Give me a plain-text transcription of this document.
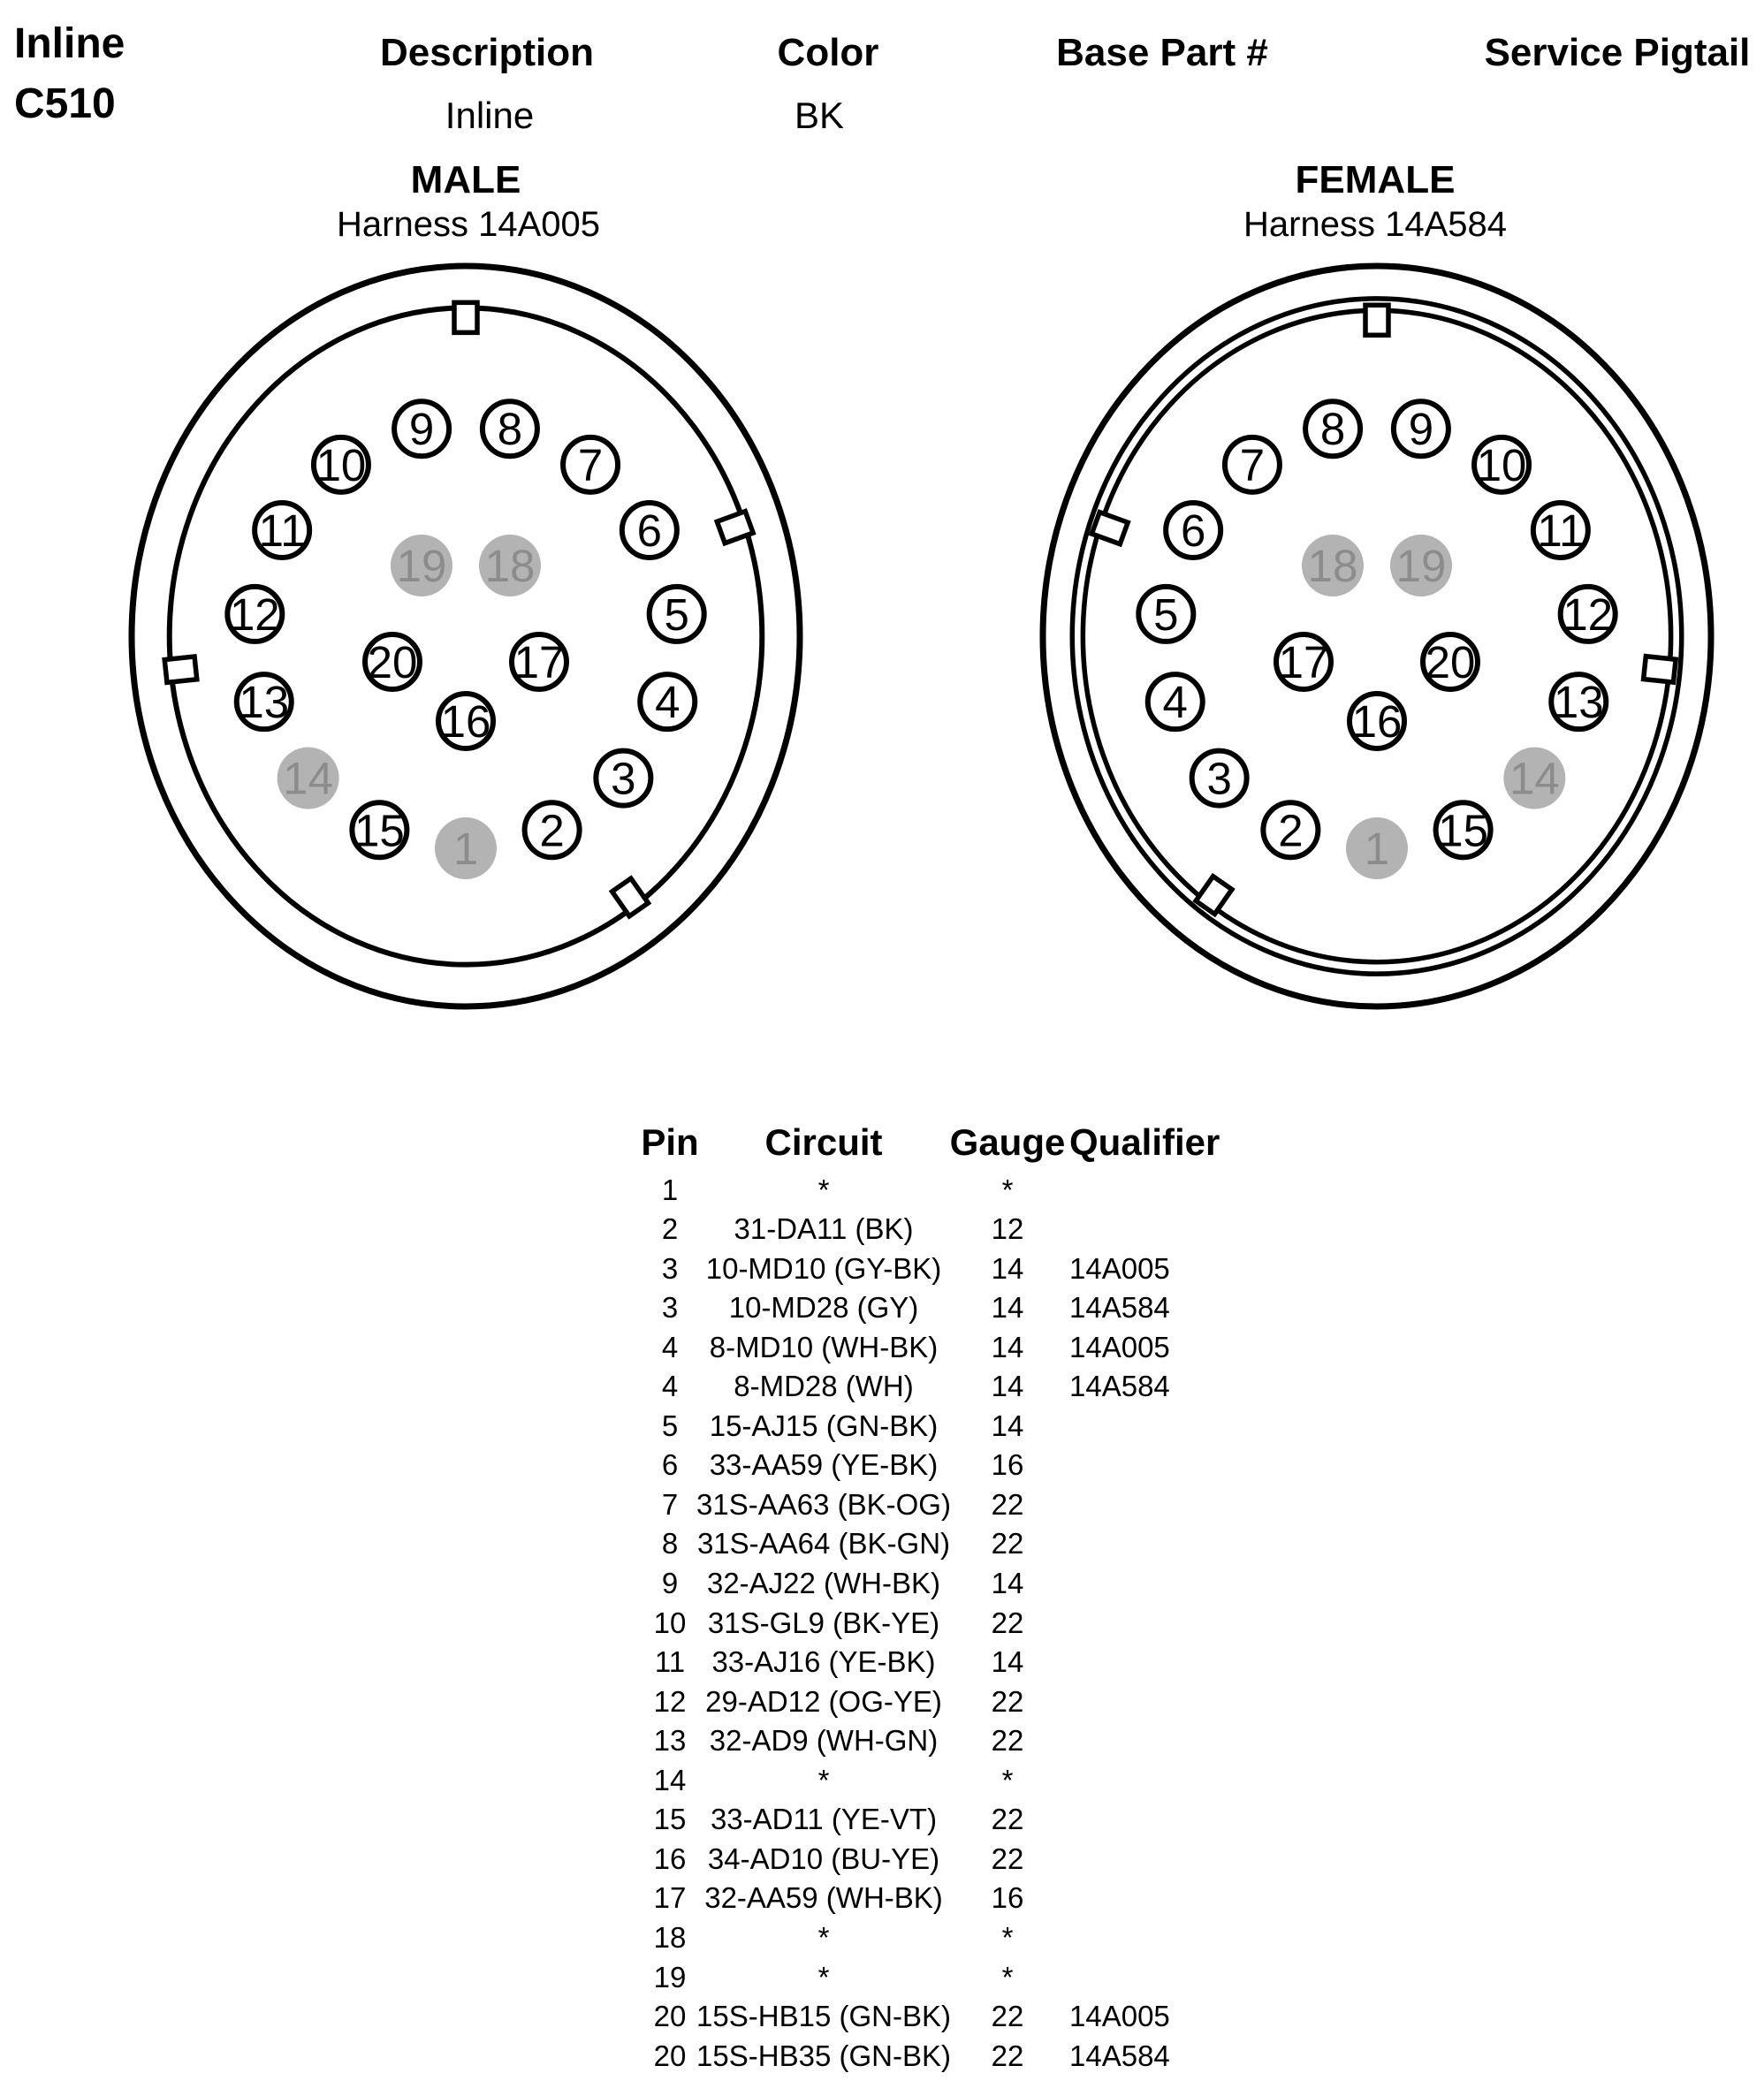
Inline
C510
Description	Color	Base Part #	Service Pigtail
Inline	BK
MALE
Harness 14A005
FEMALE
Harness 14A584
1 2
3
4
5
6
7
8
9
10
11
12
13
14
15
16
17
18
19
20
1
2
3
4
5
6
7
8 9
10
11
12
13
14
15
16
17
18 19
20
Pin Circuit Gauge Qualifier
1	*	*
2 31-DA11 (BK)	12
3 10-MD10 (GY-BK) 14 14A005
3 10-MD28 (GY) 14 14A584
4 8-MD10 (WH-BK) 14 14A005
4 8-MD28 (WH)	14 14A584
5 15-AJ15 (GN-BK) 14
6 33-AA59 (YE-BK) 16
7 31S-AA63 (BK-OG) 22
8 31S-AA64 (BK-GN) 22
9 32-AJ22 (WH-BK) 14
10 31S-GL9 (BK-YE) 22
11 33-AJ16 (YE-BK) 14
12 29-AD12 (OG-YE) 22
13 32-AD9 (WH-GN) 22
14	*	*
15 33-AD11 (YE-VT) 22
16 34-AD10 (BU-YE) 22
17 32-AA59 (WH-BK) 16
18	*	*
19	*	*
20 15S-HB15 (GN-BK) 22 14A005
20 15S-HB35 (GN-BK) 22 14A584
